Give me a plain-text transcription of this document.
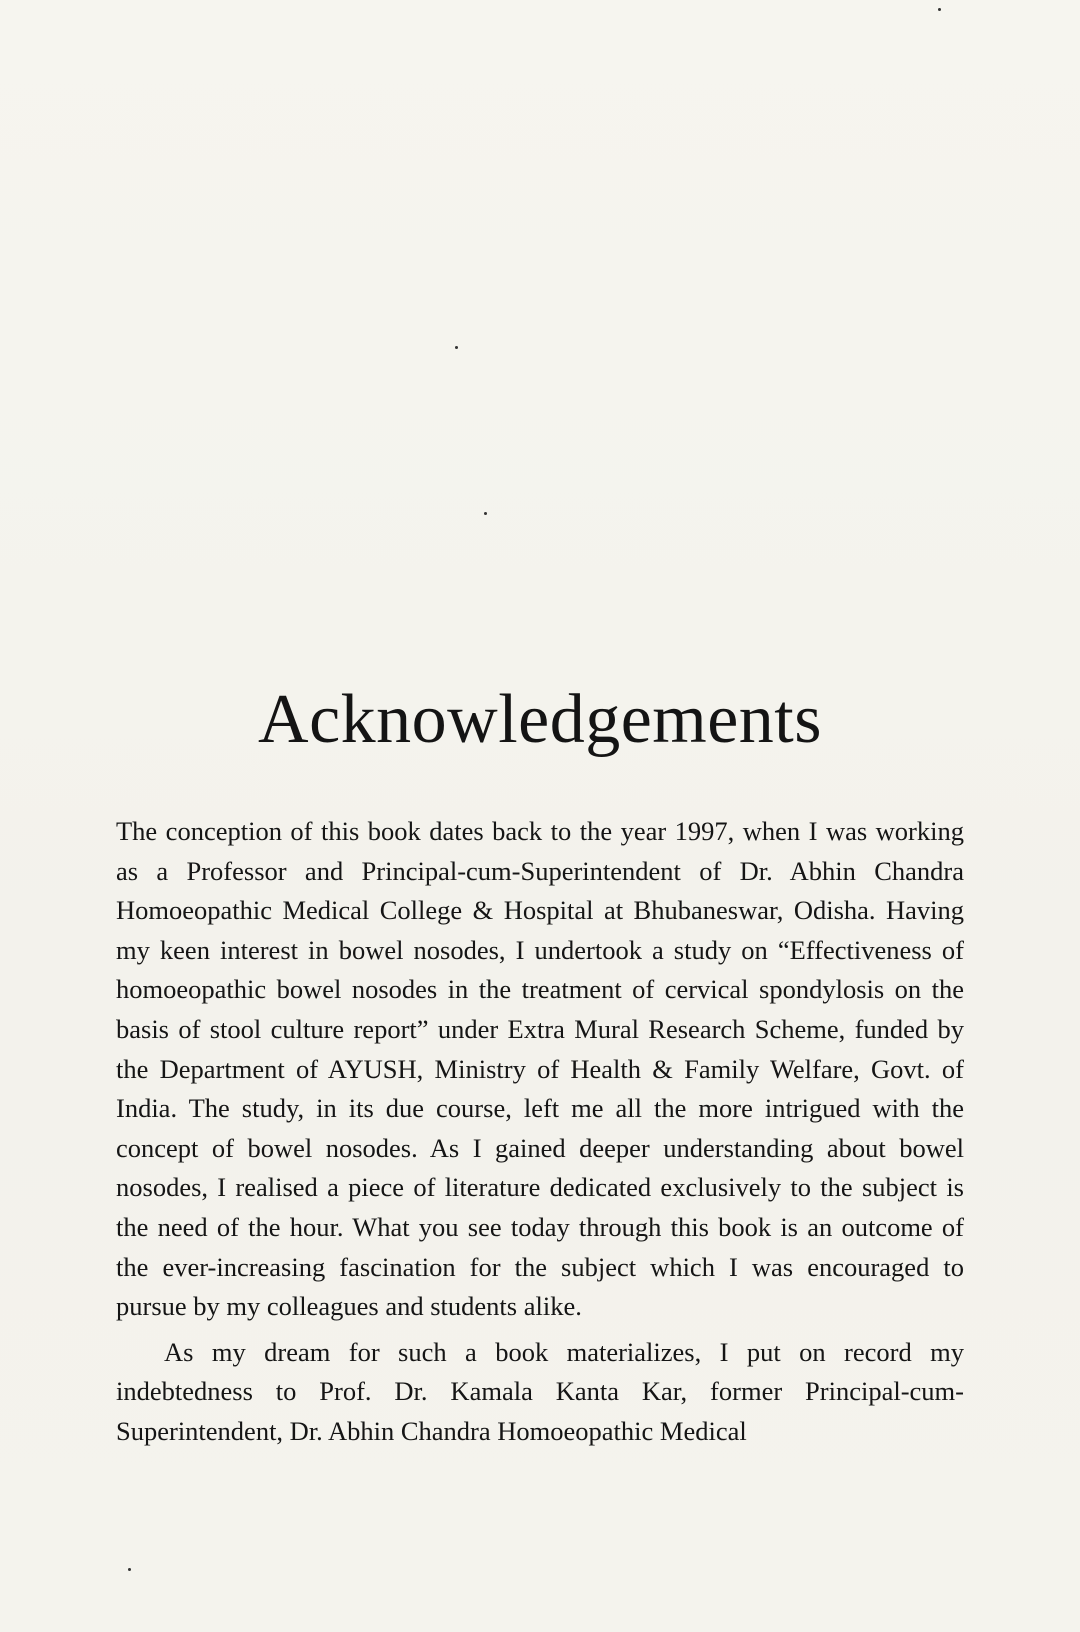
Acknowledgements

The conception of this book dates back to the year 1997, when I was working as a Professor and Principal-cum-Superintendent of Dr. Abhin Chandra Homoeopathic Medical College & Hospital at Bhubaneswar, Odisha. Having my keen interest in bowel nosodes, I undertook a study on “Effectiveness of homoeopathic bowel nosodes in the treatment of cervical spondylosis on the basis of stool culture report” under Extra Mural Research Scheme, funded by the Department of AYUSH, Ministry of Health & Family Welfare, Govt. of India. The study, in its due course, left me all the more intrigued with the concept of bowel nosodes. As I gained deeper understanding about bowel nosodes, I realised a piece of literature dedicated exclusively to the subject is the need of the hour. What you see today through this book is an outcome of the ever-increasing fascination for the subject which I was encouraged to pursue by my colleagues and students alike.

As my dream for such a book materializes, I put on record my indebtedness to Prof. Dr. Kamala Kanta Kar, former Principal-cum-Superintendent, Dr. Abhin Chandra Homoeopathic Medical
